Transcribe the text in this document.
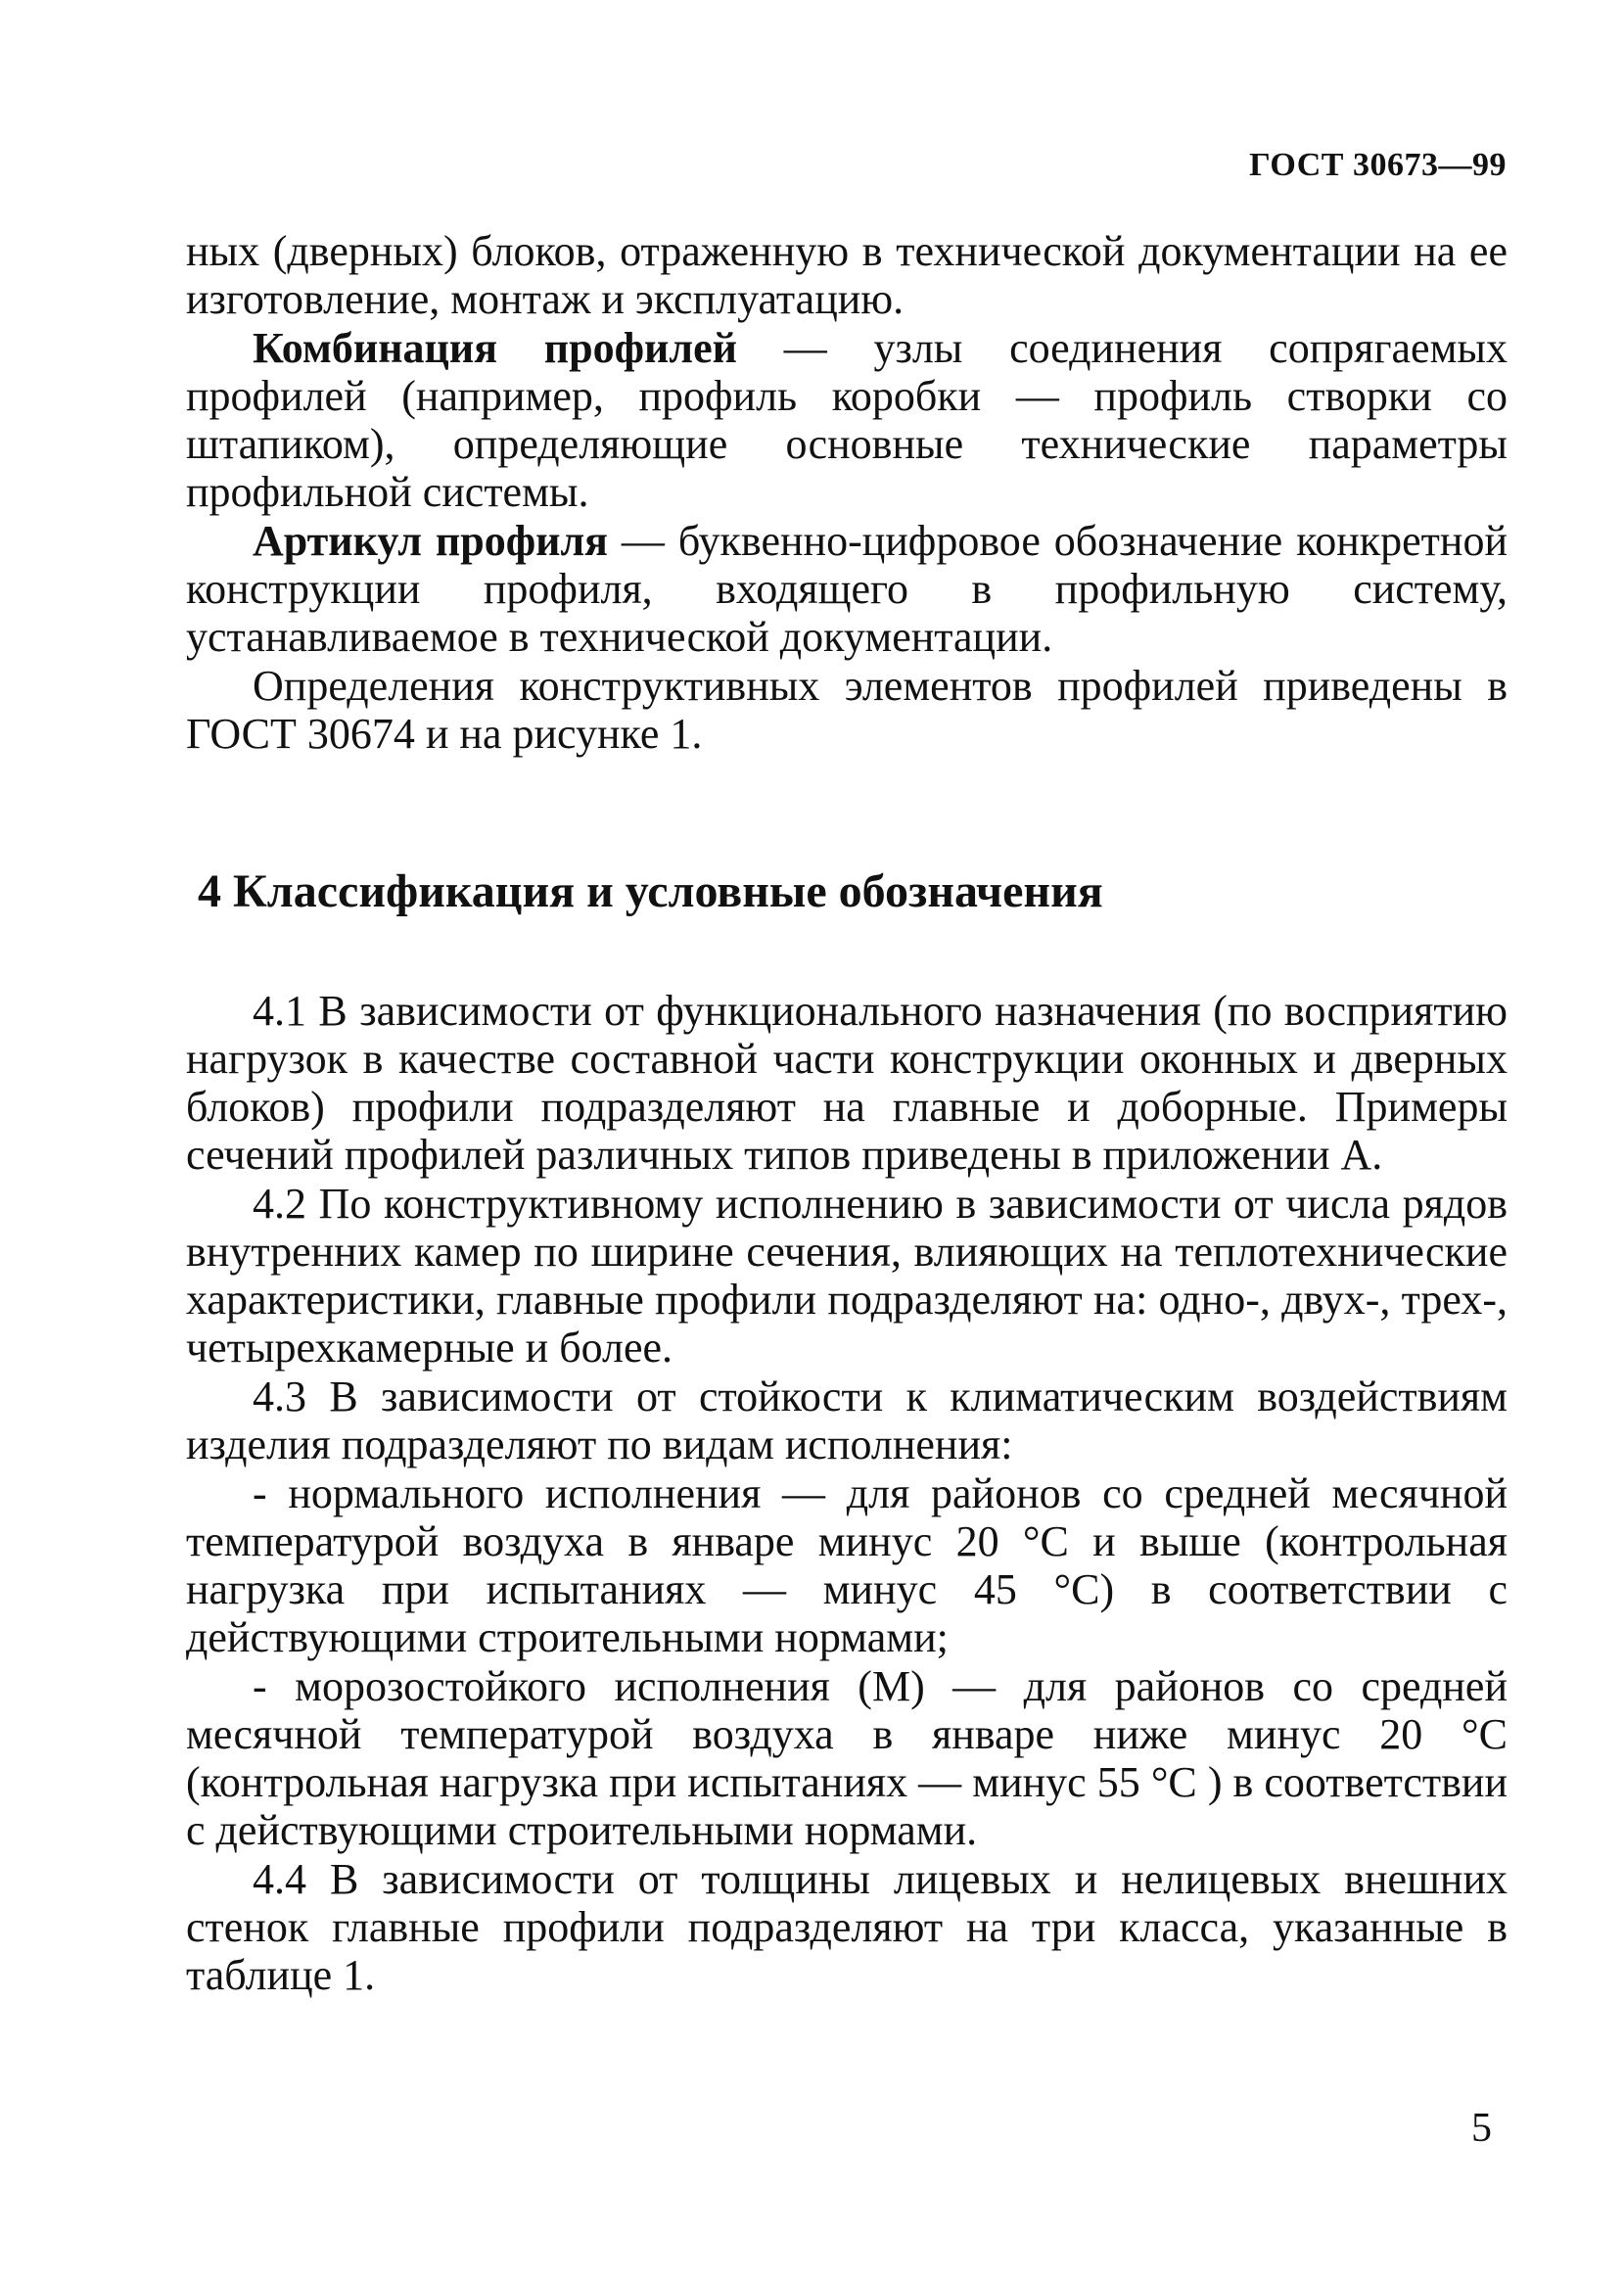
ГОСТ 30673—99

ных (дверных) блоков, отраженную в технической документации на ее изготовление, монтаж и эксплуатацию.

Комбинация профилей — узлы соединения сопрягаемых профилей (например, профиль коробки — профиль створки со штапиком), определяющие основные технические параметры профильной системы.

Артикул профиля — буквенно-цифровое обозначение конкретной конструкции профиля, входящего в профильную систему, устанавливаемое в технической документации.

Определения конструктивных элементов профилей приведены в ГОСТ 30674 и на рисунке 1.

4 Классификация и условные обозначения

4.1 В зависимости от функционального назначения (по восприятию нагрузок в качестве составной части конструкции оконных и дверных блоков) профили подразделяют на главные и доборные. Примеры сечений профилей различных типов приведены в приложении А.

4.2 По конструктивному исполнению в зависимости от числа рядов внутренних камер по ширине сечения, влияющих на теплотехнические характеристики, главные профили подразделяют на: одно-, двух-, трех-, четырехкамерные и более.

4.3 В зависимости от стойкости к климатическим воздействиям изделия подразделяют по видам исполнения:

- нормального исполнения — для районов со средней месячной температурой воздуха в январе минус 20 °С и выше (контрольная нагрузка при испытаниях — минус 45 °С) в соответствии с действующими строительными нормами;

- морозостойкого исполнения (М) — для районов со средней месячной температурой воздуха в январе ниже минус 20 °С (контрольная нагрузка при испытаниях — минус 55 °С ) в соответствии с действующими строительными нормами.

4.4 В зависимости от толщины лицевых и нелицевых внешних стенок главные профили подразделяют на три класса, указанные в таблице 1.

5
